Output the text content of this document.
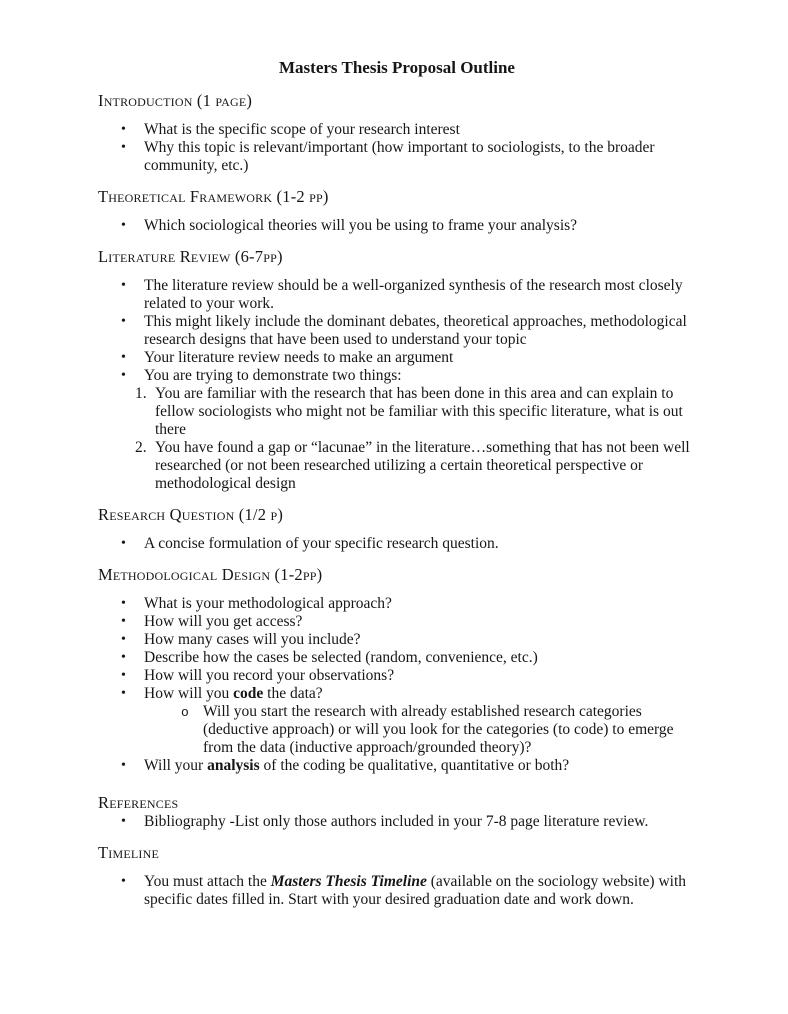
Masters Thesis Proposal Outline
Introduction (1 page)
• What is the specific scope of your research interest
• Why this topic is relevant/important (how important to sociologists, to the broader community, etc.)
Theoretical Framework (1-2 pp)
• Which sociological theories will you be using to frame your analysis?
Literature Review (6-7pp)
• The literature review should be a well-organized synthesis of the research most closely related to your work.
• This might likely include the dominant debates, theoretical approaches, methodological research designs that have been used to understand your topic
• Your literature review needs to make an argument
• You are trying to demonstrate two things:
1. You are familiar with the research that has been done in this area and can explain to fellow sociologists who might not be familiar with this specific literature, what is out there
2. You have found a gap or “lacunae” in the literature…something that has not been well researched (or not been researched utilizing a certain theoretical perspective or methodological design
Research Question (1/2 p)
• A concise formulation of your specific research question.
Methodological Design (1-2pp)
• What is your methodological approach?
• How will you get access?
• How many cases will you include?
• Describe how the cases be selected (random, convenience, etc.)
• How will you record your observations?
• How will you code the data?
o Will you start the research with already established research categories (deductive approach) or will you look for the categories (to code) to emerge from the data (inductive approach/grounded theory)?
• Will your analysis of the coding be qualitative, quantitative or both?
References
• Bibliography -List only those authors included in your 7-8 page literature review.
Timeline
• You must attach the Masters Thesis Timeline (available on the sociology website) with specific dates filled in. Start with your desired graduation date and work down.
